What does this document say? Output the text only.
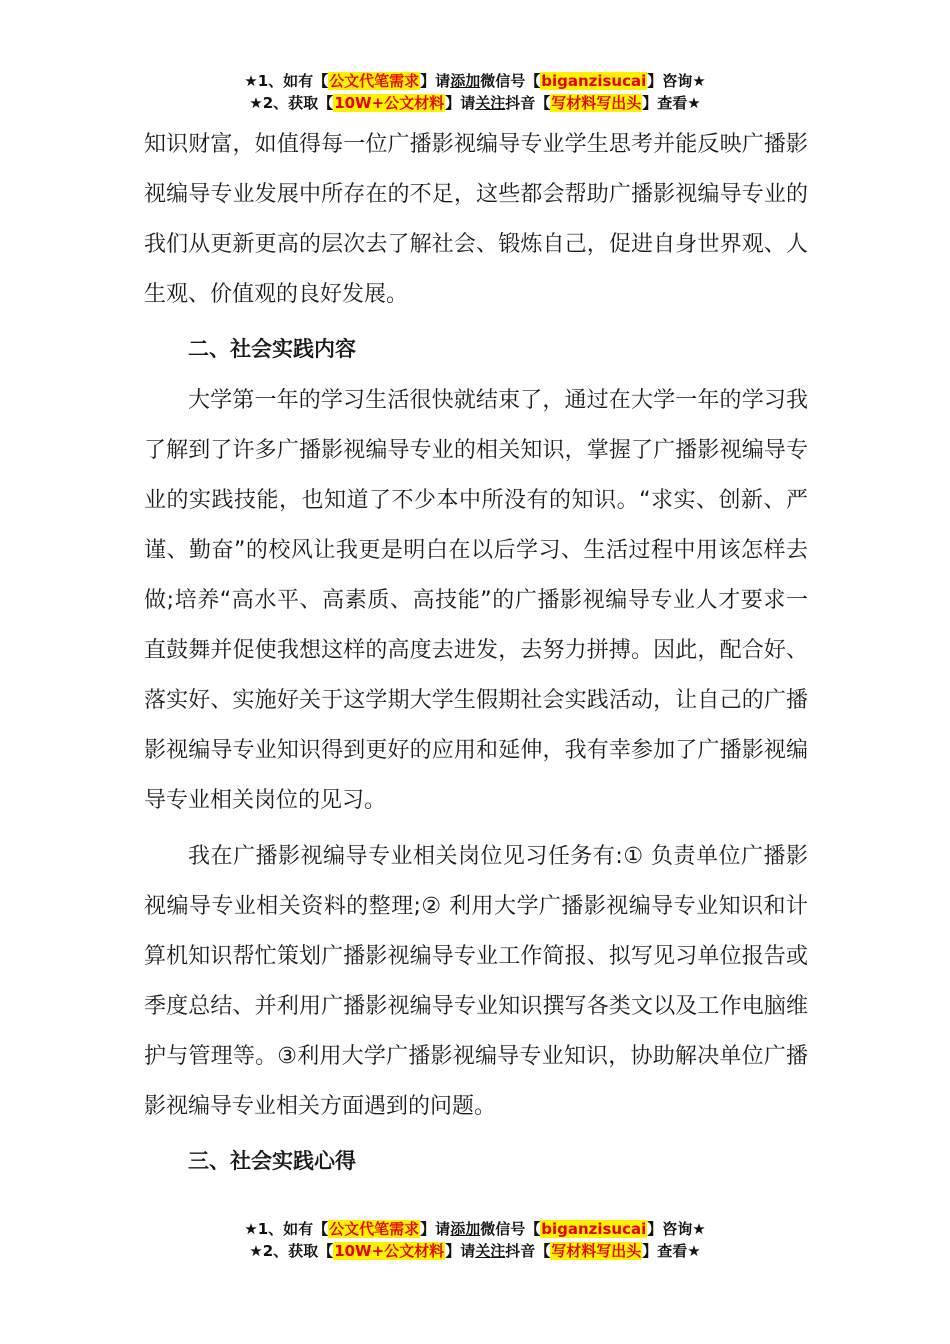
★1、如有【公文代笔需求】请添加微信号【biganzisucai】咨询★
★2、获取【10W+公文材料】请关注抖音【写材料写出头】查看★

知识财富，如值得每一位广播影视编导专业学生思考并能反映广播影视编导专业发展中所存在的不足，这些都会帮助广播影视编导专业的我们从更新更高的层次去了解社会、锻炼自己，促进自身世界观、人生观、价值观的良好发展。

二、社会实践内容

大学第一年的学习生活很快就结束了，通过在大学一年的学习我了解到了许多广播影视编导专业的相关知识，掌握了广播影视编导专业的实践技能，也知道了不少本中所没有的知识。“求实、创新、严谨、勤奋”的校风让我更是明白在以后学习、生活过程中用该怎样去做;培养“高水平、高素质、高技能”的广播影视编导专业人才要求一直鼓舞并促使我想这样的高度去进发，去努力拼搏。因此，配合好、落实好、实施好关于这学期大学生假期社会实践活动，让自己的广播影视编导专业知识得到更好的应用和延伸，我有幸参加了广播影视编导专业相关岗位的见习。

我在广播影视编导专业相关岗位见习任务有:① 负责单位广播影视编导专业相关资料的整理;② 利用大学广播影视编导专业知识和计算机知识帮忙策划广播影视编导专业工作简报、拟写见习单位报告或季度总结、并利用广播影视编导专业知识撰写各类文以及工作电脑维护与管理等。③利用大学广播影视编导专业知识，协助解决单位广播影视编导专业相关方面遇到的问题。

三、社会实践心得
★1、如有【公文代笔需求】请添加微信号【biganzisucai】咨询★
★2、获取【10W+公文材料】请关注抖音【写材料写出头】查看★
